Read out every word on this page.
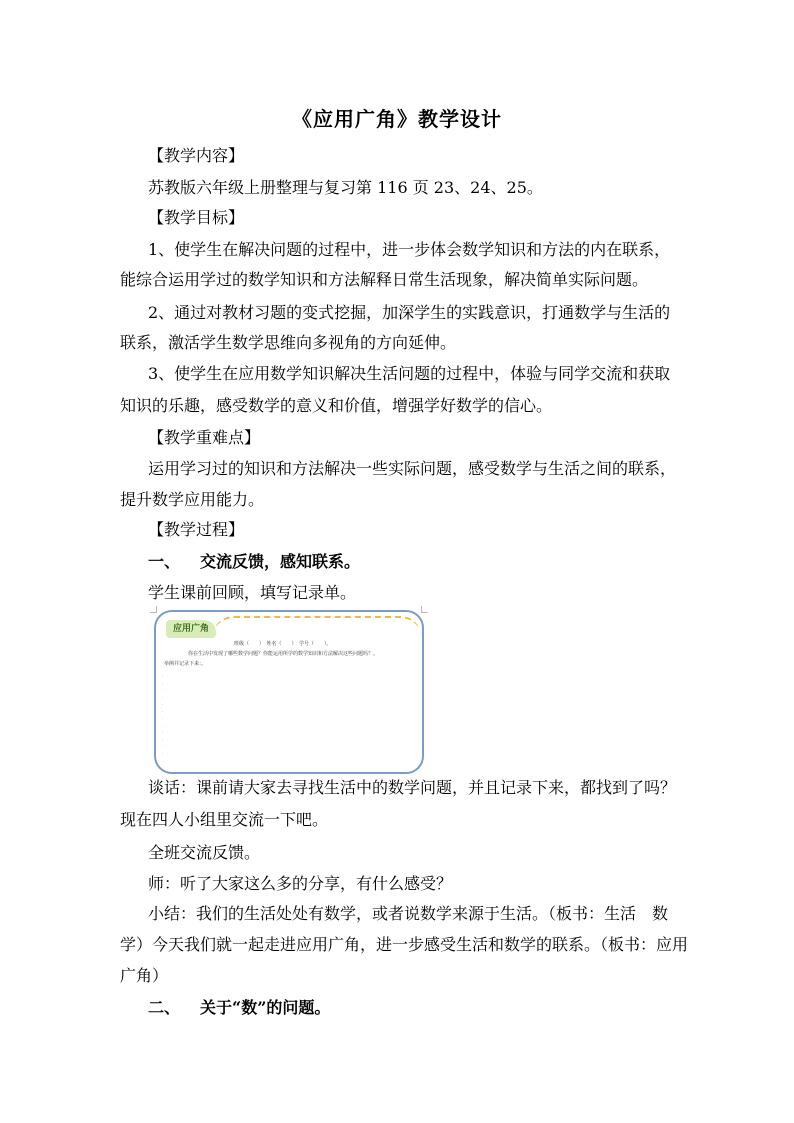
《应用广角》教学设计
【教学内容】
苏教版六年级上册整理与复习第 116 页 23、24、25。
【教学目标】
1、使学生在解决问题的过程中，进一步体会数学知识和方法的内在联系，
能综合运用学过的数学知识和方法解释日常生活现象，解决简单实际问题。
2、通过对教材习题的变式挖掘，加深学生的实践意识，打通数学与生活的
联系，激活学生数学思维向多视角的方向延伸。
3、使学生在应用数学知识解决生活问题的过程中，体验与同学交流和获取
知识的乐趣，感受数学的意义和价值，增强学好数学的信心。
【教学重难点】
运用学习过的知识和方法解决一些实际问题，感受数学与生活之间的联系，
提升数学应用能力。
【教学过程】
一、 交流反馈，感知联系。
学生课前回顾，填写记录单。
应用广角
班级（　　）　姓名（　　）　学号（　　）。
你在生活中发现了哪些数学问题？你能运用所学的数学知识和方法解决这些问题吗？。
举例并记录下来：。
·
·
·
·
·
·
·
·
·
·
·
·
谈话：课前请大家去寻找生活中的数学问题，并且记录下来，都找到了吗？
现在四人小组里交流一下吧。
全班交流反馈。
师：听了大家这么多的分享，有什么感受？
小结：我们的生活处处有数学，或者说数学来源于生活。（板书：生活　数
学）今天我们就一起走进应用广角，进一步感受生活和数学的联系。（板书：应用
广角）
二、 关于“数”的问题。
